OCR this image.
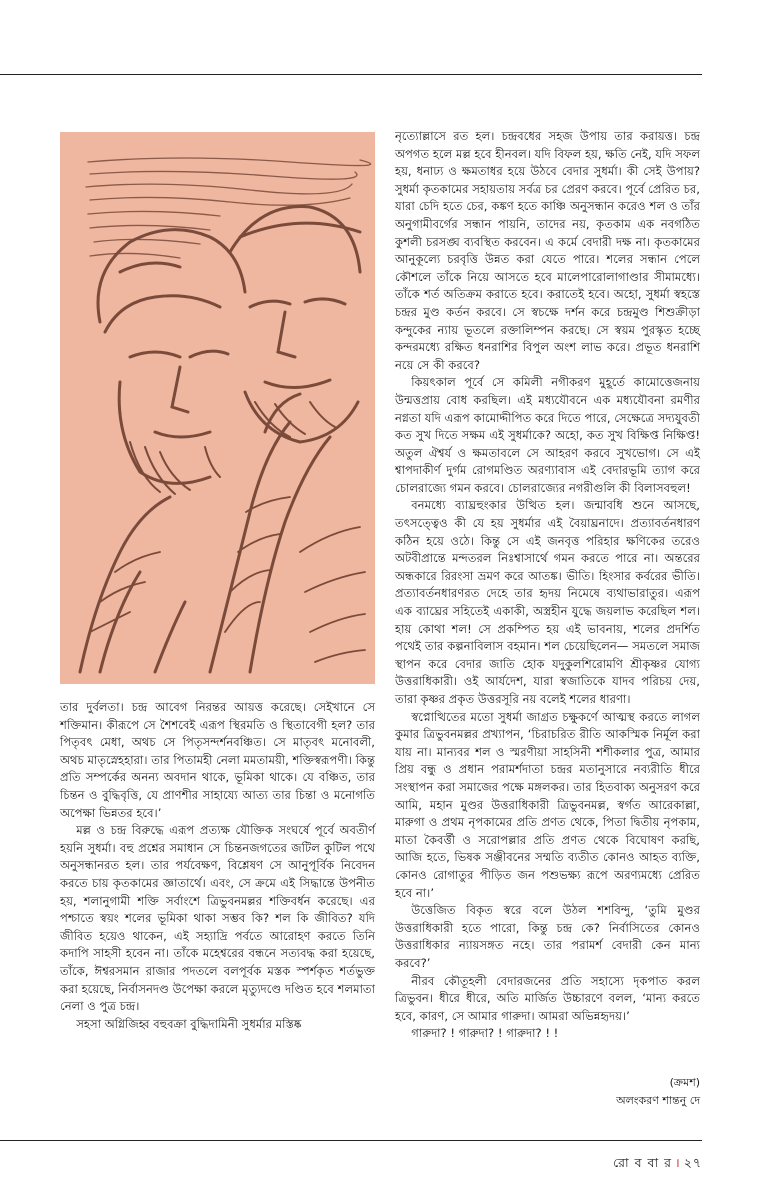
নৃত্যোল্লাসে রত হল। চন্দ্রবধের সহজ উপায় তার করায়ত্ত। চন্দ্র অপগত হলে মল্ল হবে হীনবল। যদি বিফল হয়, ক্ষতি নেই, যদি সফল হয়, ধনাঢ্য ও ক্ষমতাধর হয়ে উঠবে বেদার সুধর্মা। কী সেই উপায়? সুধর্মা কৃতকামের সহায়তায় সর্বত্র চর প্রেরণ করবে। পূর্বে প্রেরিত চর, যারা চেদি হতে চের, কঙ্কণ হতে কাঞ্চি অনুসন্ধান করেও শল ও তাঁর অনুগামীবর্গের সন্ধান পায়নি, তাদের নয়, কৃতকাম এক নবগঠিত কুশলী চরসঙ্ঘ ব্যবস্থিত করবেন। এ কর্মে বেদারী দক্ষ না। কৃতকামের আনুকূল্যে চরবৃত্তি উন্নত করা যেতে পারে। শলের সন্ধান পেলে কৌশলে তাঁকে নিয়ে আসতে হবে মালেপারোলাগাণ্ডার সীমামধ্যে। তাঁকে শর্ত অতিক্রম করাতে হবে। করাতেই হবে। অহো, সুধর্মা স্বহস্তে চন্দ্রর মুণ্ড কর্তন করবে। সে স্বচক্ষে দর্শন করে চন্দ্রমুণ্ড শিশুক্রীড়া কন্দুকের ন্যায় ভূতলে রক্তালিম্পন করছে। সে স্বয়ম পুরস্কৃত হচ্ছে কন্দরমধ্যে রক্ষিত ধনরাশির বিপুল অংশ লাভ করে। প্রভূত ধনরাশি নয়ে সে কী করবে?

কিয়ৎকাল পূর্বে সে কমিলী নগীকরণ মুহূর্তে কামোত্তেজনায় উন্মত্তপ্রায় বোধ করছিল। এই মধ্যযৌবনে এক মধ্যযৌবনা রমণীর নগ্নতা যদি এরূপ কামোদ্দীপিত করে দিতে পারে, সেক্ষেত্রে সদ্যযুবতী কত সুখ দিতে সক্ষম এই সুধর্মাকে? অহো, কত সুখ বিক্ষিপ্ত নিক্ষিপ্ত! অতুল ঐশ্বর্য ও ক্ষমতাবলে সে আহরণ করবে সুখভোগ। সে এই শ্বাপদাকীর্ণ দুর্গম রোগমণ্ডিত অরণ্যাবাস এই বেদারভূমি ত্যাগ করে চোলরাজ্যে গমন করবে। চোলরাজ্যের নগরীগুলি কী বিলাসবহুল!

বনমধ্যে ব্যাঘ্রহুংকার উত্থিত হল। জন্মাবধি শুনে আসছে, তৎসত্ত্বেও কী যে হয় সুধর্মার এই বৈয়াঘ্রনাদে। প্রত্যাবর্তনধারণ কঠিন হয়ে ওঠে। কিন্তু সে এই জনবৃত্ত পরিহার ক্ষণিকের তরেও অটবীপ্রান্তে মন্দতরল নিঃশ্বাসার্থে গমন করতে পারে না। অন্তরের অন্ধকারে রিরংসা ভ্রমণ করে আতঙ্ক। ভীতি। হিংসার কর্বরের ভীতি। প্রত্যাবর্তনধারণরত দেহে তার হৃদয় নিমেষে ব্যথাভারাতুর। এরূপ এক ব্যাঘ্রের সহিতেই একাকী, অস্ত্রহীন যুদ্ধে জয়লাভ করেছিল শল। হায় কোথা শল! সে প্রকম্পিত হয় এই ভাবনায়, শলের প্রদর্শিত পথেই তার কল্পনাবিলাস বহমান। শল চেয়েছিলেন— সমতলে সমাজ স্থাপন করে বেদার জাতি হোক যদুকুলশিরোমণি শ্রীকৃষ্ণর যোগ্য উত্তরাধিকারী। ওই আর্যদেশ, যারা স্বজাতিকে যাদব পরিচয় দেয়, তারা কৃষ্ণর প্রকৃত উত্তরসূরি নয় বলেই শলের ধারণা।

স্বপ্নোত্থিতের মতো সুধর্মা জাগ্রত চক্ষুকর্ণে আত্মস্থ করতে লাগল কুমার ত্রিভুবনমল্লর প্রখ্যাপন, ‘চিরাচরিত রীতি আকস্মিক নির্মূল করা যায় না। মান্যবর শল ও স্মরণীয়া সাহসিনী শশীকলার পুত্র, আমার প্রিয় বন্ধু ও প্রধান পরামর্শদাতা চন্দ্রর মতানুসারে নব্যরীতি ধীরে সংস্থাপন করা সমাজের পক্ষে মঙ্গলকর। তার হিতবাক্য অনুসরণ করে আমি, মহান মুণ্ডর উত্তরাধিকারী ত্রিভুবনমল্ল, স্বর্গত আরেকাল্লা, মারুগা ও প্রথম নৃপকামের প্রতি প্রণত থেকে, পিতা দ্বিতীয় নৃপকাম, মাতা কৈবর্ত্তী ও সরোপল্লার প্রতি প্রণত থেকে বিঘোষণ করছি, আজি হতে, ভিষক সঞ্জীবনের সম্মতি ব্যতীত কোনও আহত ব্যক্তি, কোনও রোগাতুর পীড়িত জন পশুভক্ষ্য রূপে অরণ্যমধ্যে প্রেরিত হবে না।’

উত্তেজিত বিকৃত স্বরে বলে উঠল শশবিন্দু, ‘তুমি মুণ্ডর উত্তরাধিকারী হতে পারো, কিন্তু চন্দ্র কে? নির্বাসিতের কোনও উত্তরাধিকার ন্যায়সঙ্গত নহে। তার পরামর্শ বেদারী কেন মান্য করবে?’

নীরব কৌতূহলী বেদারজনের প্রতি সহাস্যে দৃকপাত করল ত্রিভুবন। ধীরে ধীরে, অতি মার্জিত উচ্চারণে বলল, ‘মান্য করতে হবে, কারণ, সে আমার গারুদা। আমরা অভিন্নহৃদয়।’

গারুদা? ! গারুদা? ! গারুদা? ! !

তার দুর্বলতা। চন্দ্র আবেগ নিরন্তর আয়ত্ত করেছে। সেইখানে সে শক্তিমান। কীরূপে সে শৈশবেই এরূপ স্থিরমতি ও স্থিতাবেগী হল? তার পিতৃবৎ মেধা, অথচ সে পিতৃসন্দর্শনবঞ্চিত। সে মাতৃবৎ মনোবলী, অথচ মাতৃস্নেহহারা। তার পিতামহী নেলা মমতাময়ী, শক্তিস্বরূপণী। কিন্তু প্রতি সম্পর্কের অনন্য অবদান থাকে, ভূমিকা থাকে। যে বঞ্চিত, তার চিন্তন ও বুদ্ধিবৃত্তি, যে প্রাণশীর সাহায্যে আত্য তার চিন্তা ও মনোগতি অপেক্ষা ভিন্নতর হবে।’

মল্ল ও চন্দ্র বিরুদ্ধে এরূপ প্রত্যক্ষ যৌক্তিক সংঘর্ষে পূর্বে অবতীর্ণ হয়নি সুধর্মা। বহু প্রশ্নের সমাধান সে চিন্তনজগতের জটিল কুটিল পথে অনুসন্ধানরত হল। তার পর্যবেক্ষণ, বিশ্লেষণ সে আনুপূর্বিক নিবেদন করতে চায় কৃতকামের জ্ঞাতার্থে। এবং, সে ক্রমে এই সিদ্ধান্তে উপনীত হয়, শলানুগামী শক্তি সর্বাংশে ত্রিভুবনমল্লর শক্তিবর্ধন করেছে। এর পশ্চাতে স্বয়ং শলের ভূমিকা থাকা সম্ভব কি? শল কি জীবিত? যদি জীবিত হয়েও থাকেন, এই সহ্যাদ্রি পর্বতে আরোহণ করতে তিনি কদাপি সাহসী হবেন না। তাঁকে মহেশ্বরের বন্ধনে সত্যবদ্ধ করা হয়েছে, তাঁকে, ঈশ্বরসমান রাজার পদতলে বলপূর্বক মস্তক স্পর্শকৃত শর্তভুক্ত করা হয়েছে, নির্বাসনদণ্ড উপেক্ষা করলে মৃত্যুদণ্ডে দণ্ডিত হবে শলমাতা নেলা ও পুত্র চন্দ্র।

সহসা অগ্নিজিহ্ব বহুবক্রা বুদ্ধিদামিনী সুধর্মার মস্তিষ্ক

(ক্রমশ)
অলংকরণ শান্তনু দে
রো ব বা র । ২৭
